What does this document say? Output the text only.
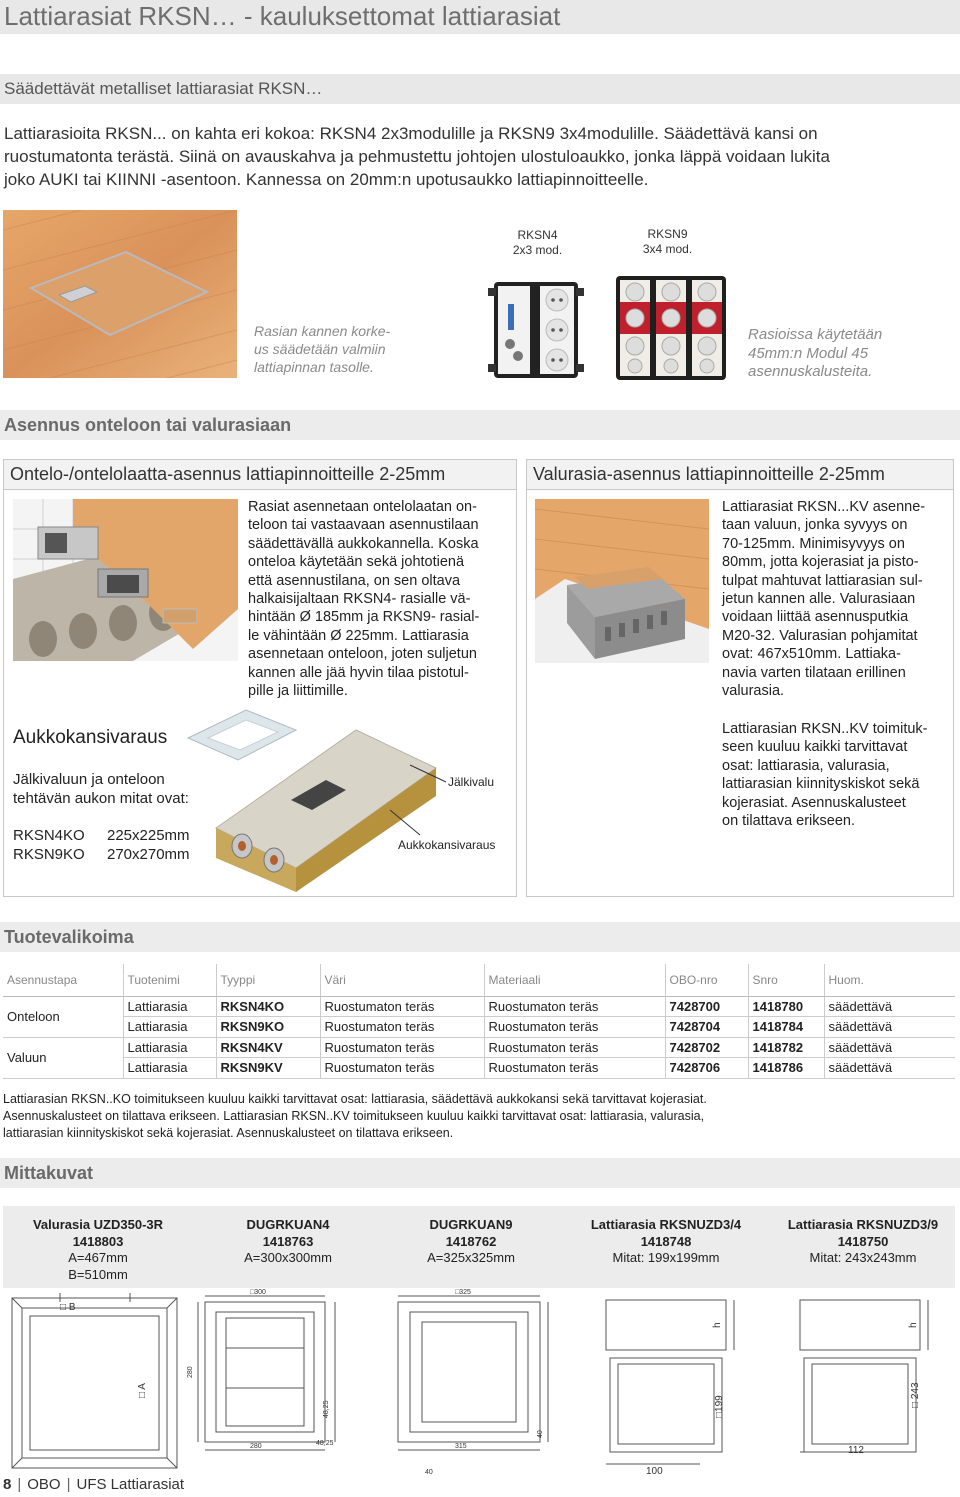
Lattiarasiat RKSN… - kauluksettomat lattiarasiat
Säädettävät metalliset lattiarasiat RKSN…
Lattiarasioita RKSN... on kahta eri kokoa: RKSN4 2x3modulille ja RKSN9 3x4modulille. Säädettävä kansi on
ruostumatonta terästä. Siinä on avauskahva ja pehmustettu johtojen ulostuloaukko, jonka läppä voidaan lukita
joko AUKI tai KIINNI -asentoon. Kannessa on 20mm:n upotusaukko lattiapinnoitteelle.
RKSN4
2x3 mod.
RKSN9
3x4 mod.
Rasian kannen korke-
us säädetään valmiin
lattiapinnan tasolle.
Rasioissa käytetään
45mm:n Modul 45
asennuskalusteita.
Asennus onteloon tai valurasiaan
Ontelo-/ontelolaatta-asennus lattiapinnoitteille 2-25mm
Rasiat asennetaan ontelolaatan on-
teloon tai vastaavaan asennustilaan
säädettävällä aukkokannella. Koska
onteloa käytetään sekä johtotienä
että asennustilana, on sen oltava
halkaisijaltaan RKSN4- rasialle vä-
hintään Ø 185mm ja RKSN9- rasial-
le vähintään Ø 225mm. Lattiarasia
asennetaan onteloon, joten suljetun
kannen alle jää hyvin tilaa pistotul-
pille ja liittimille.
Aukkokansivaraus
Jälkivaluun ja onteloon
tehtävän aukon mitat ovat:
RKSN4KO 225x225mm
RKSN9KO 270x270mm
Jälkivalu
Aukkokansivaraus
Valurasia-asennus lattiapinnoitteille 2-25mm
Lattiarasiat RKSN...KV asenne-
taan valuun, jonka syvyys on
70-125mm. Minimisyvyys on
80mm, jotta kojerasiat ja pisto-
tulpat mahtuvat lattiarasian sul-
jetun kannen alle. Valurasiaan
voidaan liittää asennusputkia
M20-32. Valurasian pohjamitat
ovat: 467x510mm. Lattiaka-
navia varten tilataan erillinen
valurasia.
Lattiarasian RKSN..KV toimituk-
seen kuuluu kaikki tarvittavat
osat: lattiarasia, valurasia,
lattiarasian kiinnityskiskot sekä
kojerasiat. Asennuskalusteet
on tilattava erikseen.
Tuotevalikoima
Asennustapa	Tuotenimi	Tyyppi	Väri	Materiaali	OBO-nro	Snro	Huom.
Onteloon	Lattiarasia	RKSN4KO	Ruostumaton teräs	Ruostumaton teräs	7428700	1418780	säädettävä
	Lattiarasia	RKSN9KO	Ruostumaton teräs	Ruostumaton teräs	7428704	1418784	säädettävä
Valuun	Lattiarasia	RKSN4KV	Ruostumaton teräs	Ruostumaton teräs	7428702	1418782	säädettävä
	Lattiarasia	RKSN9KV	Ruostumaton teräs	Ruostumaton teräs	7428706	1418786	säädettävä
Lattiarasian RKSN..KO toimitukseen kuuluu kaikki tarvittavat osat: lattiarasia, säädettävä aukkokansi sekä tarvittavat kojerasiat.
Asennuskalusteet on tilattava erikseen. Lattiarasian RKSN..KV toimitukseen kuuluu kaikki tarvittavat osat: lattiarasia, valurasia,
lattiarasian kiinnityskiskot sekä kojerasiat. Asennuskalusteet on tilattava erikseen.
Mittakuvat
Valurasia UZD350-3R
1418803
A=467mm
B=510mm
DUGRKUAN4
1418763
A=300x300mm
DUGRKUAN9
1418762
A=325x325mm
Lattiarasia RKSNUZD3/4
1418748
Mitat: 199x199mm
Lattiarasia RKSNUZD3/9
1418750
Mitat: 243x243mm
□ B
□ A
□300
280
280
48,25
48,25
□325
315
40
40
h
□199
100
h
□ 243
112
8 | OBO | UFS Lattiarasiat
